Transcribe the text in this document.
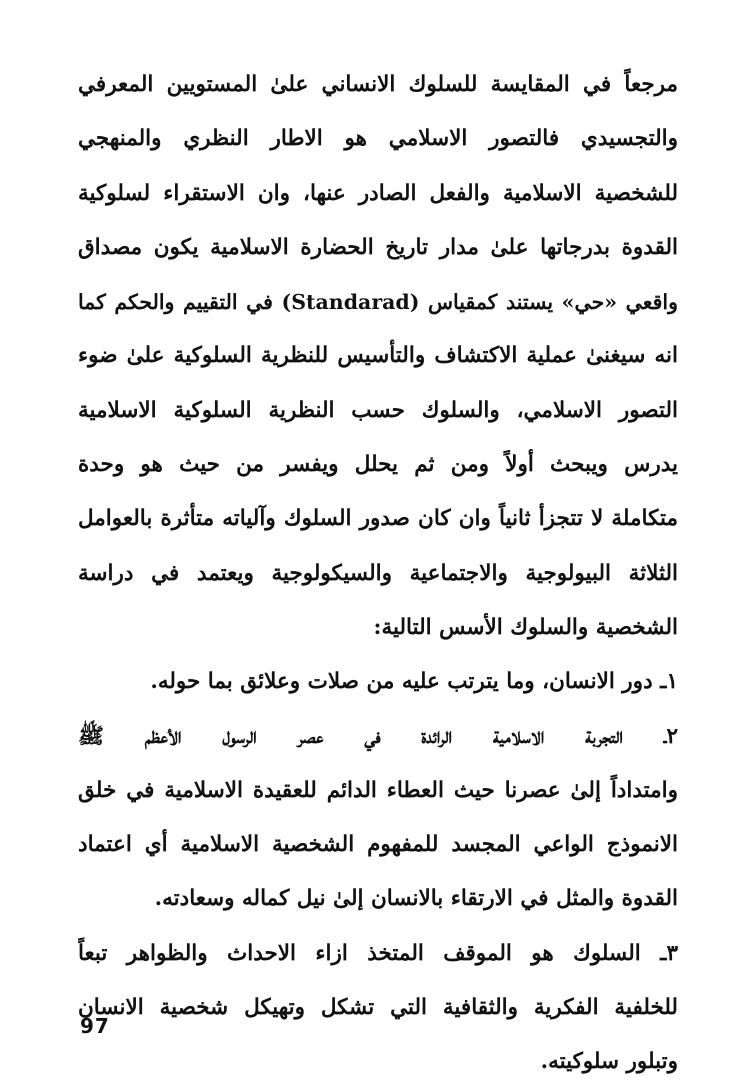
مرجعاً في المقايسة للسلوك الانساني علىٰ المستويين المعرفي
والتجسيدي فالتصور الاسلامي هو الاطار النظري والمنهجي
للشخصية الاسلامية والفعل الصادر عنها، وان الاستقراء لسلوكية
القدوة بدرجاتها علىٰ مدار تاريخ الحضارة الاسلامية يكون مصداق
واقعي «حي» يستند كمقياس (Standarad) في التقييم والحكم كما
انه سيغنىٰ عملية الاكتشاف والتأسيس للنظرية السلوكية علىٰ ضوء
التصور الاسلامي، والسلوك حسب النظرية السلوكية الاسلامية
يدرس ويبحث أولاً ومن ثم يحلل ويفسر من حيث هو وحدة
متكاملة لا تتجزأ ثانياً وان كان صدور السلوك وآلياته متأثرة بالعوامل
الثلاثة البيولوجية والاجتماعية والسيكولوجية ويعتمد في دراسة
الشخصية والسلوك الأسس التالية:
١ـ دور الانسان، وما يترتب عليه من صلات وعلائق بما حوله.
٢ـ التجربة الاسلامية الرائدة في عصر الرسول الأعظم ﷺ
وامتداداً إلىٰ عصرنا حيث العطاء الدائم للعقيدة الاسلامية في خلق
الانموذج الواعي المجسد للمفهوم الشخصية الاسلامية أي اعتماد
القدوة والمثل في الارتقاء بالانسان إلىٰ نيل كماله وسعادته.
٣ـ السلوك هو الموقف المتخذ ازاء الاحداث والظواهر تبعاً
للخلفية الفكرية والثقافية التي تشكل وتهيكل شخصية الانسان
وتبلور سلوكيته.
97
